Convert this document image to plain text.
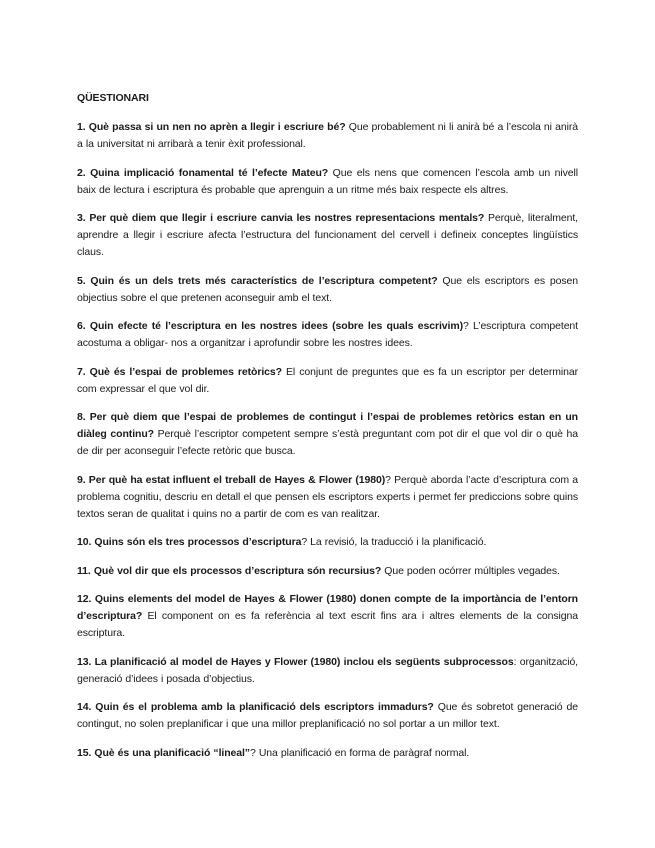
QÜESTIONARI

1. Què passa si un nen no aprèn a llegir i escriure bé? Que probablement ni li anirà bé a l’escola ni anirà a la universitat ni arribarà a tenir èxit professional.

2. Quina implicació fonamental té l’efecte Mateu? Que els nens que comencen l’escola amb un nivell baix de lectura i escriptura és probable que aprenguin a un ritme més baix respecte els altres.

3. Per què diem que llegir i escriure canvia les nostres representacions mentals? Perquè, literalment, aprendre a llegir i escriure afecta l’estructura del funcionament del cervell i defineix conceptes lingüístics claus.

5. Quin és un dels trets més característics de l’escriptura competent? Que els escriptors es posen objectius sobre el que pretenen aconseguir amb el text.

6. Quin efecte té l’escriptura en les nostres idees (sobre les quals escrivim)? L’escriptura competent acostuma a obligar- nos a organitzar i aprofundir sobre les nostres idees.

7. Què és l’espai de problemes retòrics? El conjunt de preguntes que es fa un escriptor per determinar com expressar el que vol dir.

8. Per què diem que l’espai de problemes de contingut i l’espai de problemes retòrics estan en un diàleg continu? Perquè l’escriptor competent sempre s’està preguntant com pot dir el que vol dir o què ha de dir per aconseguir l’efecte retòric que busca.

9. Per què ha estat influent el treball de Hayes & Flower (1980)? Perquè aborda l’acte d’escriptura com a problema cognitiu, descriu en detall el que pensen els escriptors experts i permet fer prediccions sobre quins textos seran de qualitat i quins no a partir de com es van realitzar.

10. Quins són els tres processos d’escriptura? La revisió, la traducció i la planificació.

11. Què vol dir que els processos d’escriptura són recursius? Que poden ocórrer múltiples vegades.

12. Quins elements del model de Hayes & Flower (1980) donen compte de la importància de l’entorn d’escriptura? El component on es fa referència al text escrit fins ara i altres elements de la consigna escriptura.

13. La planificació al model de Hayes y Flower (1980) inclou els següents subprocessos: organització, generació d’idees i posada d’objectius.

14. Quin és el problema amb la planificació dels escriptors immadurs? Que és sobretot generació de contingut, no solen preplanificar i que una millor preplanificació no sol portar a un millor text.

15. Què és una planificació “lineal”? Una planificació en forma de paràgraf normal.
